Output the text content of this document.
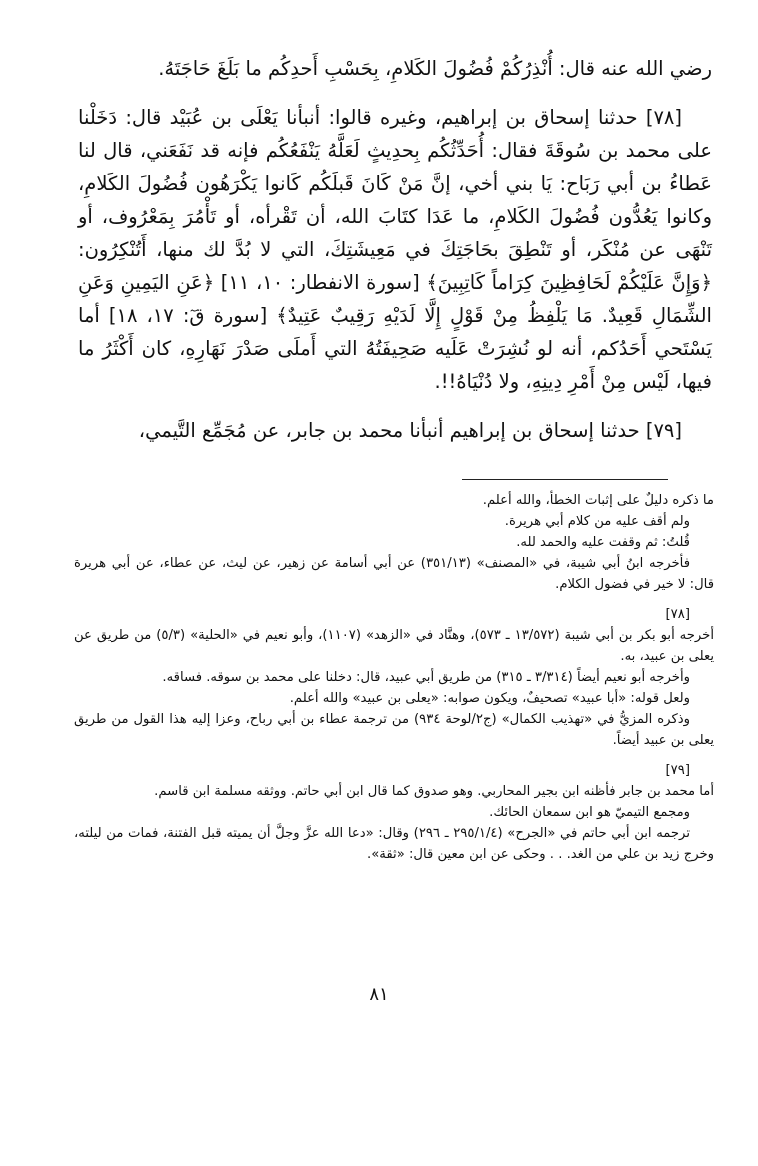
رضي الله عنه قال: أُنْذِرُكُمْ فُضُولَ الكَلامِ، بِحَسْبِ أَحدِكُم ما بَلَغَ حَاجَتَهُ.

[٧٨] حدثنا إسحاق بن إبراهيم، وغيره قالوا: أنبأنا يَعْلَى بن عُبَيْد قال: دَخَلْنا على محمد بن سُوقَةَ فقال: أُحَدِّثُكُم بِحدِيثٍ لَعَلَّهُ يَنْفَعُكُم فإنه قد نَفَعَني، قال لنا عَطاءُ بن أبي رَبَاح: يَا بني أخي، إنَّ مَنْ كَانَ قَبلَكُم كَانوا يَكْرَهُون فُضُولَ الكَلامِ، وكانوا يَعُدُّون فُضُولَ الكَلامِ، ما عَدَا كتَابَ الله، أن تَقْرأه، أو تَأْمُرَ بِمَعْرُوف، أو تَنْهَى عن مُنْكَر، أو تَنْطِقَ بحَاجَتِكَ في مَعِيشَتِكَ، التي لا بُدَّ لك منها، أَتُنْكِرُون: ﴿وَإِنَّ عَلَيْكُمْ لَحَافِظِينَ كِرَاماً كَاتِبِينَ﴾ [سورة الانفطار: ١٠، ١١] ﴿عَنِ اليَمِينِ وَعَنِ الشِّمَالِ قَعِيدٌ. مَا يَلْفِظُ مِنْ قَوْلٍ إِلَّا لَدَيْهِ رَقِيبٌ عَتِيدٌ﴾ [سورة قٓ: ١٧، ١٨] أما يَسْتَحي أَحَدُكم، أنه لو نُشِرَتْ عَلَيه صَحِيفَتُهُ التي أَملَى صَدْرَ نَهَارِهِ، كان أَكْثَرُ ما فيها، لَيْس مِنْ أَمْرِ دِينِهِ، ولا دُنْيَاهُ!!.

[٧٩] حدثنا إسحاق بن إبراهيم أنبأنا محمد بن جابر، عن مُجَمِّع التَّيمي،

ما ذكره دليلٌ على إثبات الخطأ، والله أعلم.

ولم أقف عليه من كلام أبي هريرة.

قُلتُ: ثم وقفت عليه والحمد لله.

فأخرجه ابنُ أبي شيبة، في «المصنف» (٣٥١/١٣) عن أبي أسامة عن زهير، عن ليث، عن عطاء، عن أبي هريرة قال: لا خير في فضول الكلام.

[٧٨]

أخرجه أبو بكر بن أبي شيبة (١٣/٥٧٢ ـ ٥٧٣)، وهنَّاد في «الزهد» (١١٠٧)، وأبو نعيم في «الحلية» (٥/٣) من طريق عن يعلى بن عبيد، به.

وأخرجه أبو نعيم أيضاً (٣/٣١٤ ـ ٣١٥) من طريق أبي عبيد، قال: دخلنا على محمد بن سوقه. فساقه.

ولعل قوله: «أبا عبيد» تصحيفٌ، ويكون صوابه: «يعلى بن عبيد» والله أعلم.

وذكره المزيُّ في «تهذيب الكمال» (ج٢/لوحة ٩٣٤) من ترجمة عطاء بن أبي رباح، وعزا إليه هذا القول من طريق يعلى بن عبيد أيضاً.

[٧٩]

أما محمد بن جابر فأظنه ابن بجير المحاربي. وهو صدوق كما قال ابن أبي حاتم. ووثقه مسلمة ابن قاسم.

ومجمع التيميّ هو ابن سمعان الحائك.

ترجمه ابن أبي حاتم في «الجرح» (٢٩٥/١/٤ ـ ٢٩٦) وقال: «دعا الله عزَّ وجلَّ أن يميته قبل الفتنة، فمات من ليلته، وخرج زيد بن علي من الغد. . . وحكى عن ابن معين قال: «ثقة».

٨١
